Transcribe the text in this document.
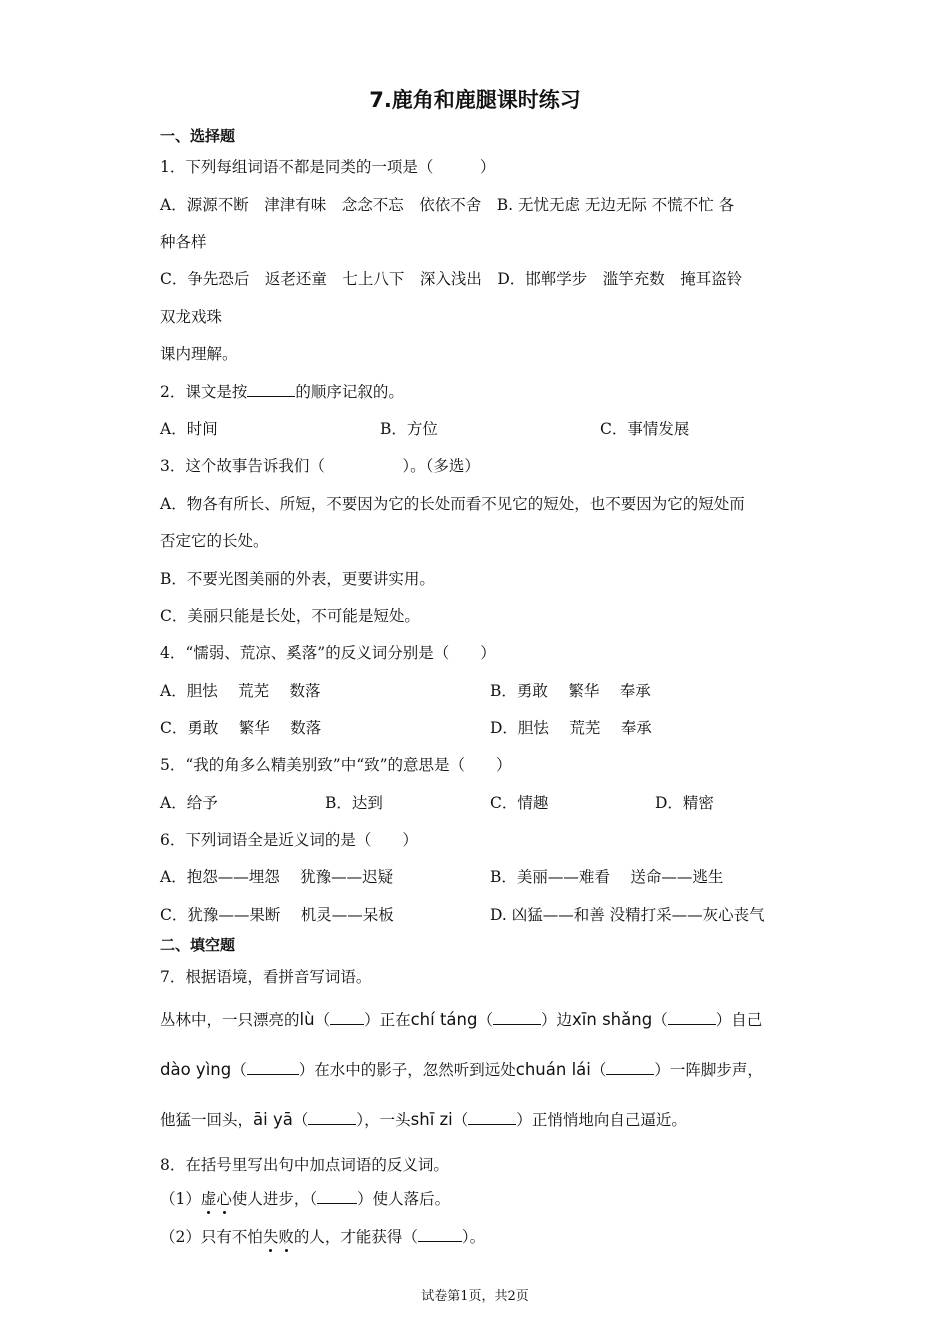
7.鹿角和鹿腿课时练习
一、选择题
1．下列每组词语不都是同类的一项是（　　　）
A．源源不断　津津有味　念念不忘　依依不舍　B. 无忧无虑 无边无际 不慌不忙 各
种各样
C．争先恐后　返老还童　七上八下　深入浅出　D．邯郸学步　滥竽充数　掩耳盗铃
双龙戏珠
课内理解。
2．课文是按	的顺序记叙的。
A．时间	B．方位	C．事情发展
3．这个故事告诉我们（　　　　　）。（多选）
A．物各有所长、所短，不要因为它的长处而看不见它的短处，也不要因为它的短处而
否定它的长处。
B．不要光图美丽的外表，更要讲实用。
C．美丽只能是长处，不可能是短处。
4．“懦弱、荒凉、奚落”的反义词分别是（　　）
A．胆怯　 荒芜　 数落	B．勇敢　 繁华　 奉承
C．勇敢　 繁华　 数落	D．胆怯　 荒芜　 奉承
5．“我的角多么精美别致”中“致”的意思是（　　）
A．给予	B．达到	C．情趣	D．精密
6．下列词语全是近义词的是（　　）
A．抱怨——埋怨　 犹豫——迟疑	B．美丽——难看　 送命——逃生
C．犹豫——果断　 机灵——呆板	D. 凶猛——和善 没精打采——灰心丧气
二、填空题
7．根据语境，看拼音写词语。
丛林中，一只漂亮的lù（ ）正在chí táng（	）边xīn shǎng（	）自己
dào yìng（	）在水中的影子，忽然听到远处chuán lái（	）一阵脚步声，
他猛一回头，āi yā（	），一头shī zi（	）正悄悄地向自己逼近。
8．在括号里写出句中加点词语的反义词。
（1）虚心使人进步，（	）使人落后。
（2）只有不怕失败的人，才能获得（	）。
试卷第1页，共2页
